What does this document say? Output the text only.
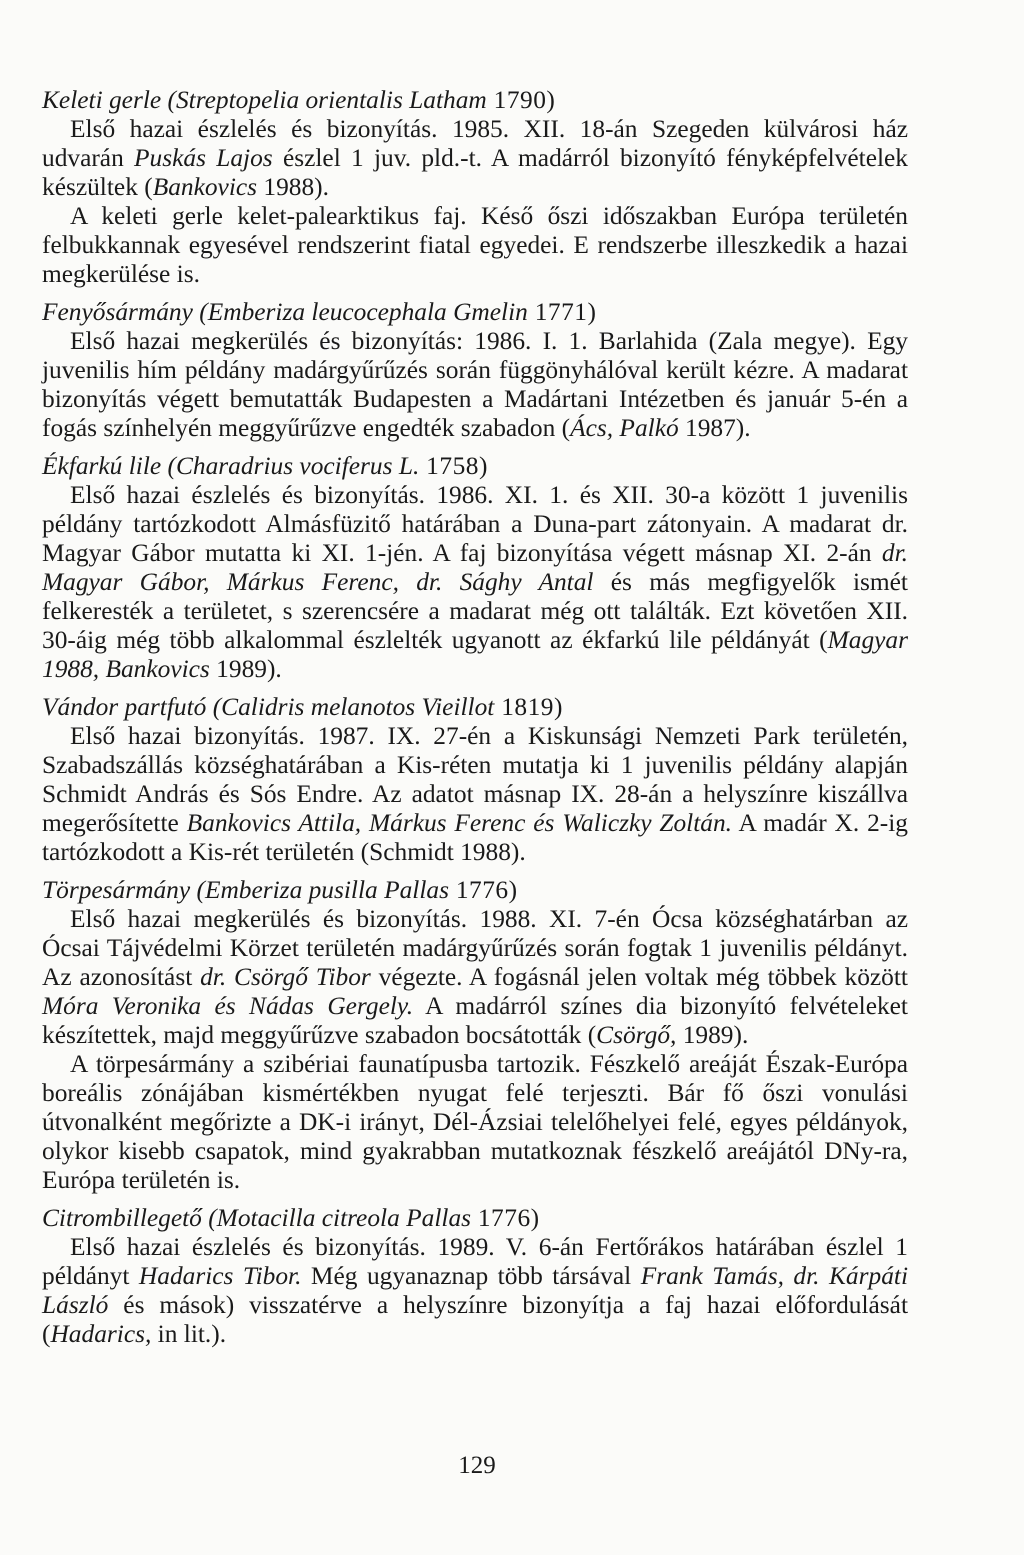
Keleti gerle (Streptopelia orientalis Latham 1790)

Első hazai észlelés és bizonyítás. 1985. XII. 18-án Szegeden külvárosi ház udvarán Puskás Lajos észlel 1 juv. pld.-t. A madárról bizonyító fényképfelvételek készültek (Bankovics 1988).

A keleti gerle kelet-palearktikus faj. Késő őszi időszakban Európa területén felbukkannak egyesével rendszerint fiatal egyedei. E rendszerbe illeszkedik a hazai megkerülése is.

Fenyősármány (Emberiza leucocephala Gmelin 1771)

Első hazai megkerülés és bizonyítás: 1986. I. 1. Barlahida (Zala megye). Egy juvenilis hím példány madárgyűrűzés során függönyhálóval került kézre. A madarat bizonyítás végett bemutatták Budapesten a Madártani Intézetben és január 5-én a fogás színhelyén meggyűrűzve engedték szabadon (Ács, Palkó 1987).

Ékfarkú lile (Charadrius vociferus L. 1758)

Első hazai észlelés és bizonyítás. 1986. XI. 1. és XII. 30-a között 1 juvenilis példány tartózkodott Almásfüzitő határában a Duna-part zátonyain. A madarat dr. Magyar Gábor mutatta ki XI. 1-jén. A faj bizonyítása végett másnap XI. 2-án dr. Magyar Gábor, Márkus Ferenc, dr. Sághy Antal és más megfigyelők ismét felkeresték a területet, s szerencsére a madarat még ott találták. Ezt követően XII. 30-áig még több alkalommal észlelték ugyanott az ékfarkú lile példányát (Magyar 1988, Bankovics 1989).

Vándor partfutó (Calidris melanotos Vieillot 1819)

Első hazai bizonyítás. 1987. IX. 27-én a Kiskunsági Nemzeti Park területén, Szabadszállás községhatárában a Kis-réten mutatja ki 1 juvenilis példány alapján Schmidt András és Sós Endre. Az adatot másnap IX. 28-án a helyszínre kiszállva megerősítette Bankovics Attila, Márkus Ferenc és Waliczky Zoltán. A madár X. 2-ig tartózkodott a Kis-rét területén (Schmidt 1988).

Törpesármány (Emberiza pusilla Pallas 1776)

Első hazai megkerülés és bizonyítás. 1988. XI. 7-én Ócsa községhatárban az Ócsai Tájvédelmi Körzet területén madárgyűrűzés során fogtak 1 juvenilis példányt. Az azonosítást dr. Csörgő Tibor végezte. A fogásnál jelen voltak még többek között Móra Veronika és Nádas Gergely. A madárról színes dia bizonyító felvételeket készítettek, majd meggyűrűzve szabadon bocsátották (Csörgő, 1989).

A törpesármány a szibériai faunatípusba tartozik. Fészkelő areáját Észak-Európa boreális zónájában kismértékben nyugat felé terjeszti. Bár fő őszi vonulási útvonalként megőrizte a DK-i irányt, Dél-Ázsiai telelőhelyei felé, egyes példányok, olykor kisebb csapatok, mind gyakrabban mutatkoznak fészkelő areájától DNy-ra, Európa területén is.

Citrombillegető (Motacilla citreola Pallas 1776)

Első hazai észlelés és bizonyítás. 1989. V. 6-án Fertőrákos határában észlel 1 példányt Hadarics Tibor. Még ugyanaznap több társával Frank Tamás, dr. Kárpáti László és mások) visszatérve a helyszínre bizonyítja a faj hazai előfordulását (Hadarics, in lit.).

129
